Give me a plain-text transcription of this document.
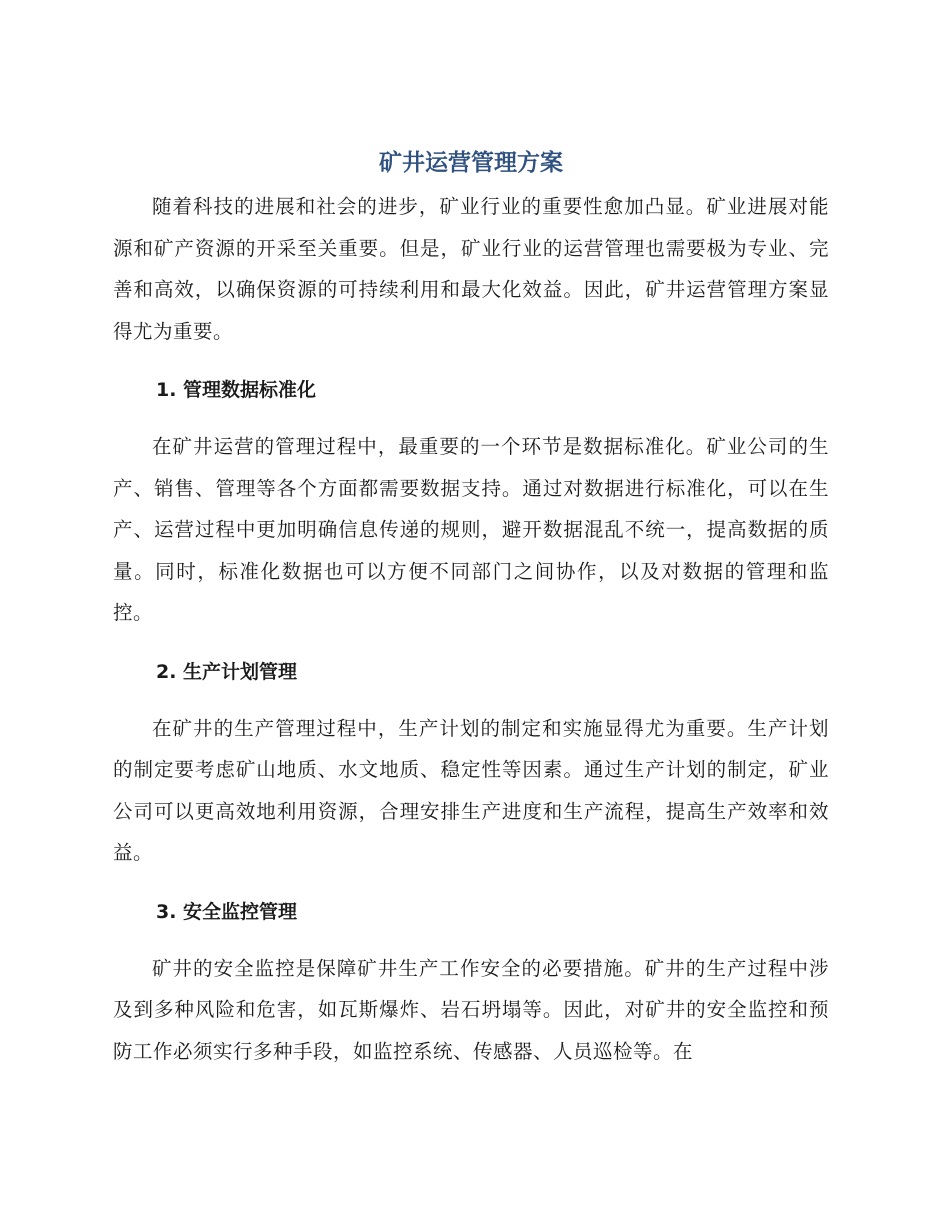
矿井运营管理方案

随着科技的进展和社会的进步，矿业行业的重要性愈加凸显。矿业进展对能源和矿产资源的开采至关重要。但是，矿业行业的运营管理也需要极为专业、完善和高效，以确保资源的可持续利用和最大化效益。因此，矿井运营管理方案显得尤为重要。

1. 管理数据标准化

在矿井运营的管理过程中，最重要的一个环节是数据标准化。矿业公司的生产、销售、管理等各个方面都需要数据支持。通过对数据进行标准化，可以在生产、运营过程中更加明确信息传递的规则，避开数据混乱不统一，提高数据的质量。同时，标准化数据也可以方便不同部门之间协作，以及对数据的管理和监控。

2. 生产计划管理

在矿井的生产管理过程中，生产计划的制定和实施显得尤为重要。生产计划的制定要考虑矿山地质、水文地质、稳定性等因素。通过生产计划的制定，矿业公司可以更高效地利用资源，合理安排生产进度和生产流程，提高生产效率和效益。

3. 安全监控管理

矿井的安全监控是保障矿井生产工作安全的必要措施。矿井的生产过程中涉及到多种风险和危害，如瓦斯爆炸、岩石坍塌等。因此，对矿井的安全监控和预防工作必须实行多种手段，如监控系统、传感器、人员巡检等。在
